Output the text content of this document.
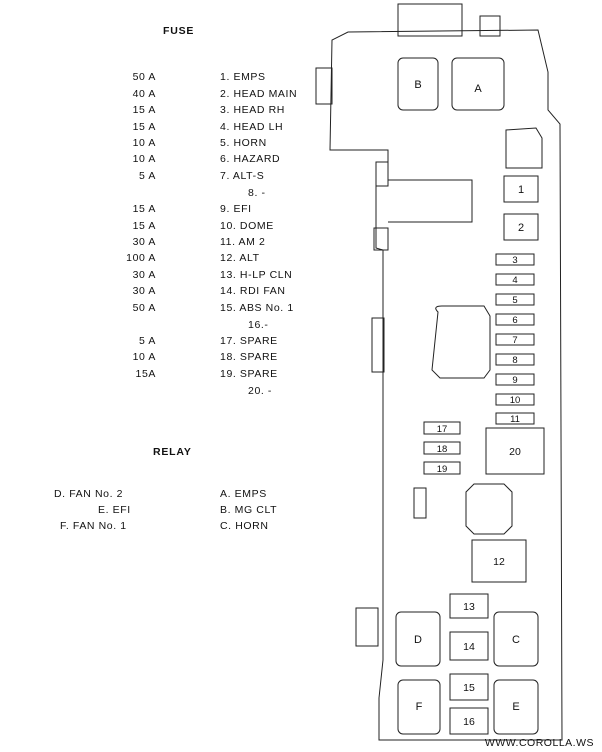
FUSE
50 A	1. EMPS
40 A	2. HEAD MAIN
15 A	3. HEAD RH
15 A	4. HEAD LH
10 A	5. HORN
10 A	6. HAZARD
5 A	7. ALT-S
8. -
15 A	9. EFI
15 A	10. DOME
30 A	11. AM 2
100 A	12. ALT
30 A	13. H-LP CLN
30 A	14. RDI FAN
50 A	15. ABS No. 1
16.-
5 A	17. SPARE
10 A	18. SPARE
15A	19. SPARE
20. -
RELAY
D. FAN No. 2	A. EMPS
E. EFI	B. MG CLT
F. FAN No. 1	C. HORN
B	A
D	C
F	E
1
2
3
4
5
6
7
8
9
10
11
17
18
19
20
12
13
14
15
16
WWW.COROLLA.WS
